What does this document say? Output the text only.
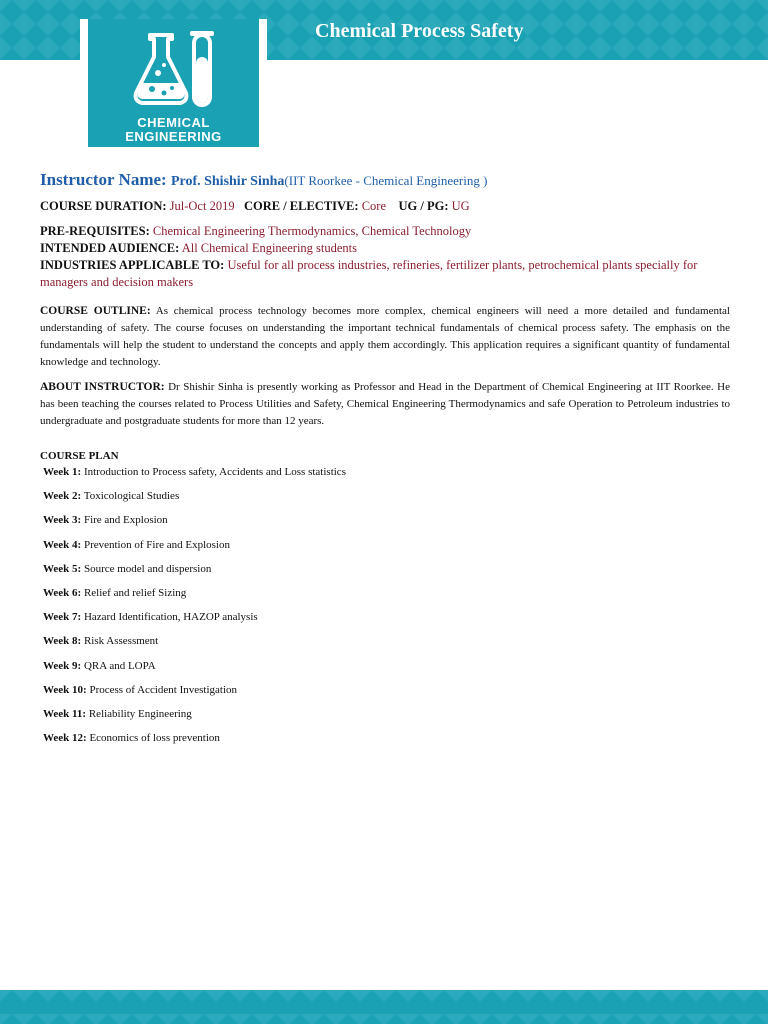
Chemical Process Safety
CHEMICAL
ENGINEERING
Instructor Name: Prof. Shishir Sinha(IIT Roorkee - Chemical Engineering )

COURSE DURATION: Jul-Oct 2019 CORE / ELECTIVE: Core UG / PG: UG

PRE-REQUISITES: Chemical Engineering Thermodynamics, Chemical Technology

INTENDED AUDIENCE: All Chemical Engineering students

INDUSTRIES APPLICABLE TO: Useful for all process industries, refineries, fertilizer plants, petrochemical plants specially for managers and decision makers

COURSE OUTLINE: As chemical process technology becomes more complex, chemical engineers will need a more detailed and fundamental understanding of safety. The course focuses on understanding the important technical fundamentals of chemical process safety. The emphasis on the fundamentals will help the student to understand the concepts and apply them accordingly. This application requires a significant quantity of fundamental knowledge and technology.

ABOUT INSTRUCTOR: Dr Shishir Sinha is presently working as Professor and Head in the Department of Chemical Engineering at IIT Roorkee. He has been teaching the courses related to Process Utilities and Safety, Chemical Engineering Thermodynamics and safe Operation to Petroleum industries to undergraduate and postgraduate students for more than 12 years.

COURSE PLAN
Week 1: Introduction to Process safety, Accidents and Loss statistics
Week 2: Toxicological Studies
Week 3: Fire and Explosion
Week 4: Prevention of Fire and Explosion
Week 5: Source model and dispersion
Week 6: Relief and relief Sizing
Week 7: Hazard Identification, HAZOP analysis
Week 8: Risk Assessment
Week 9: QRA and LOPA
Week 10: Process of Accident Investigation
Week 11: Reliability Engineering
Week 12: Economics of loss prevention
